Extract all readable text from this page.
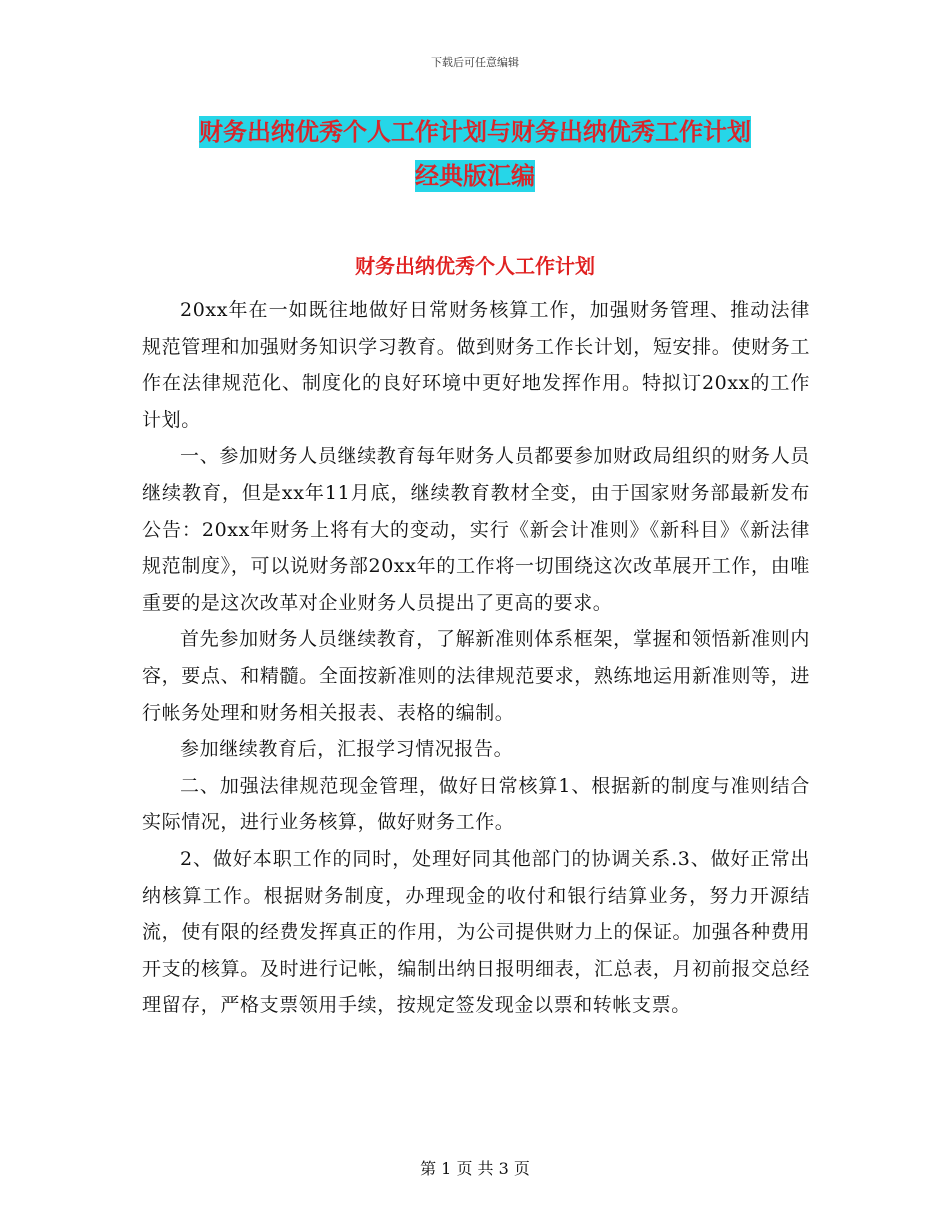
下载后可任意编辑
财务出纳优秀个人工作计划与财务出纳优秀工作计划
经典版汇编
财务出纳优秀个人工作计划

20xx年在一如既往地做好日常财务核算工作，加强财务管理、推动法律规范管理和加强财务知识学习教育。做到财务工作长计划，短安排。使财务工作在法律规范化、制度化的良好环境中更好地发挥作用。特拟订20xx的工作计划。

一、参加财务人员继续教育每年财务人员都要参加财政局组织的财务人员继续教育，但是xx年11月底，继续教育教材全变，由于国家财务部最新发布公告：20xx年财务上将有大的变动，实行《新会计准则》《新科目》《新法律规范制度》，可以说财务部20xx年的工作将一切围绕这次改革展开工作，由唯重要的是这次改革对企业财务人员提出了更高的要求。

首先参加财务人员继续教育，了解新准则体系框架，掌握和领悟新准则内容，要点、和精髓。全面按新准则的法律规范要求，熟练地运用新准则等，进行帐务处理和财务相关报表、表格的编制。

参加继续教育后，汇报学习情况报告。

二、加强法律规范现金管理，做好日常核算1、根据新的制度与准则结合实际情况，进行业务核算，做好财务工作。

2、做好本职工作的同时，处理好同其他部门的协调关系.3、做好正常出纳核算工作。根据财务制度，办理现金的收付和银行结算业务，努力开源结流，使有限的经费发挥真正的作用，为公司提供财力上的保证。加强各种费用开支的核算。及时进行记帐，编制出纳日报明细表，汇总表，月初前报交总经理留存，严格支票领用手续，按规定签发现金以票和转帐支票。

第 1 页 共 3 页
